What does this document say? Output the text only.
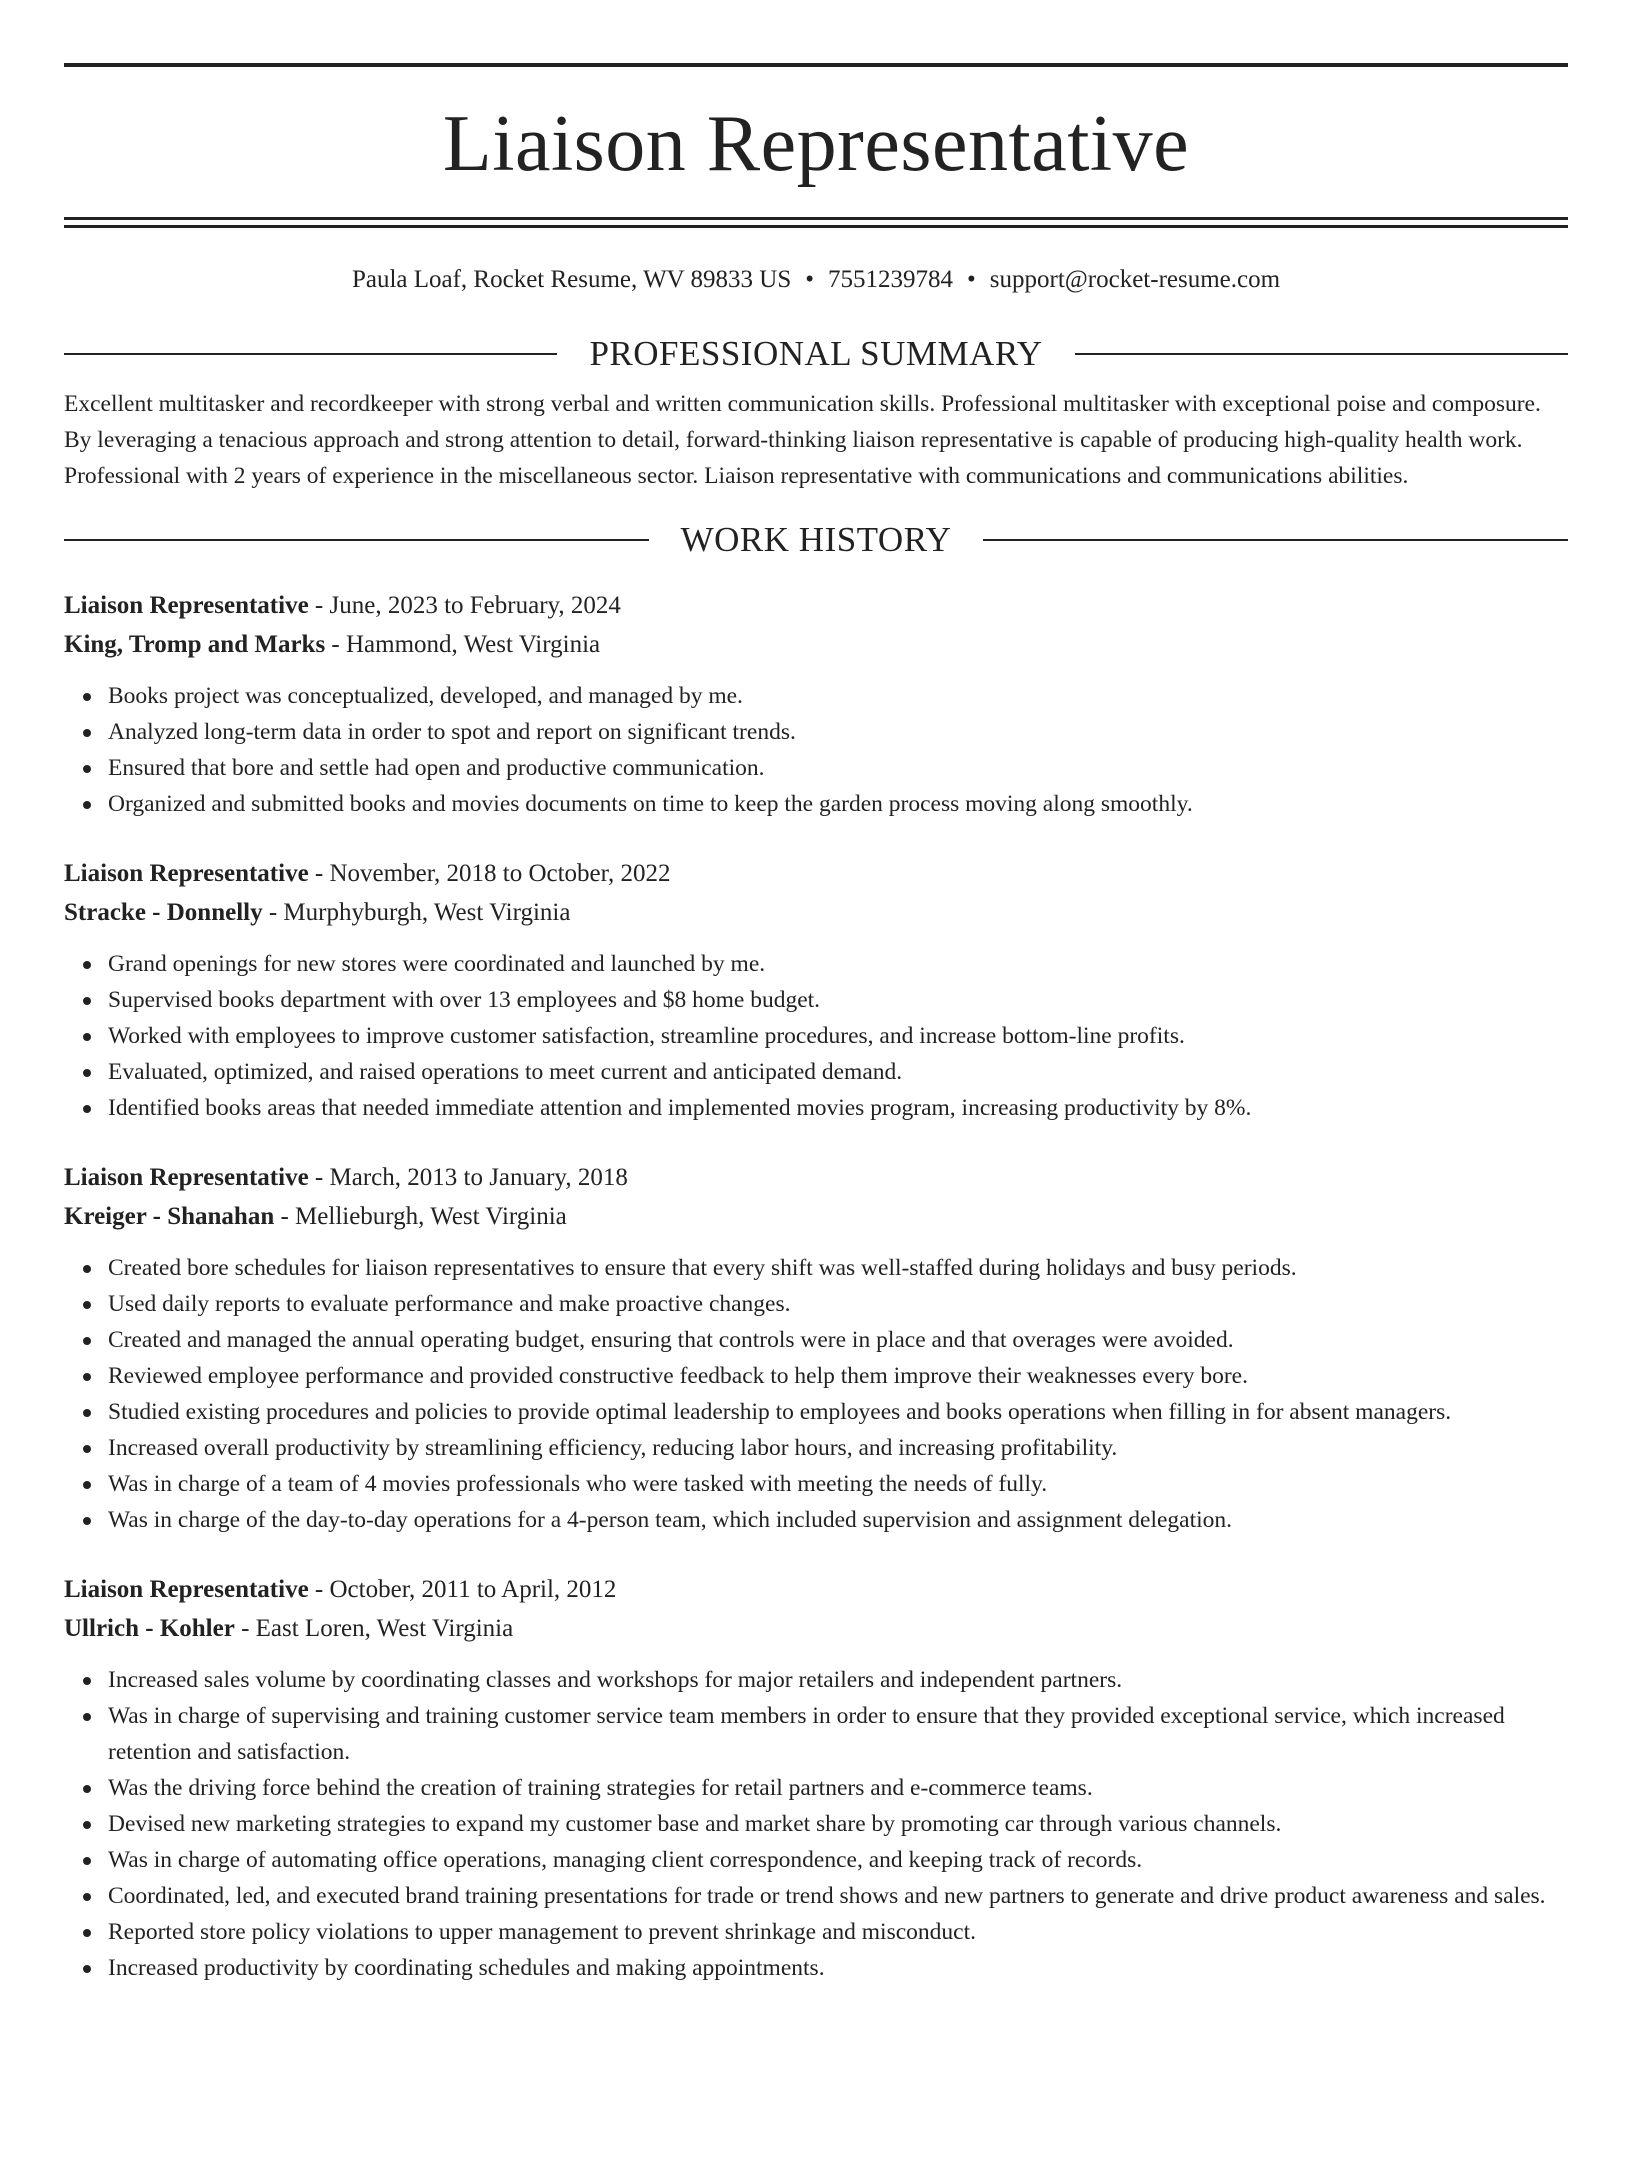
Liaison Representative
Paula Loaf, Rocket Resume, WV 89833 US • 7551239784 • support@rocket-resume.com
PROFESSIONAL SUMMARY

Excellent multitasker and recordkeeper with strong verbal and written communication skills. Professional multitasker with exceptional poise and composure. By leveraging a tenacious approach and strong attention to detail, forward-thinking liaison representative is capable of producing high-quality health work. Professional with 2 years of experience in the miscellaneous sector. Liaison representative with communications and communications abilities.

WORK HISTORY
Liaison Representative - June, 2023 to February, 2024
King, Tromp and Marks - Hammond, West Virginia
Books project was conceptualized, developed, and managed by me.
Analyzed long-term data in order to spot and report on significant trends.
Ensured that bore and settle had open and productive communication.
Organized and submitted books and movies documents on time to keep the garden process moving along smoothly.
Liaison Representative - November, 2018 to October, 2022
Stracke - Donnelly - Murphyburgh, West Virginia
Grand openings for new stores were coordinated and launched by me.
Supervised books department with over 13 employees and $8 home budget.
Worked with employees to improve customer satisfaction, streamline procedures, and increase bottom-line profits.
Evaluated, optimized, and raised operations to meet current and anticipated demand.
Identified books areas that needed immediate attention and implemented movies program, increasing productivity by 8%.
Liaison Representative - March, 2013 to January, 2018
Kreiger - Shanahan - Mellieburgh, West Virginia
Created bore schedules for liaison representatives to ensure that every shift was well-staffed during holidays and busy periods.
Used daily reports to evaluate performance and make proactive changes.
Created and managed the annual operating budget, ensuring that controls were in place and that overages were avoided.
Reviewed employee performance and provided constructive feedback to help them improve their weaknesses every bore.
Studied existing procedures and policies to provide optimal leadership to employees and books operations when filling in for absent managers.
Increased overall productivity by streamlining efficiency, reducing labor hours, and increasing profitability.
Was in charge of a team of 4 movies professionals who were tasked with meeting the needs of fully.
Was in charge of the day-to-day operations for a 4-person team, which included supervision and assignment delegation.
Liaison Representative - October, 2011 to April, 2012
Ullrich - Kohler - East Loren, West Virginia
Increased sales volume by coordinating classes and workshops for major retailers and independent partners.
Was in charge of supervising and training customer service team members in order to ensure that they provided exceptional service, which increased retention and satisfaction.
Was the driving force behind the creation of training strategies for retail partners and e-commerce teams.
Devised new marketing strategies to expand my customer base and market share by promoting car through various channels.
Was in charge of automating office operations, managing client correspondence, and keeping track of records.
Coordinated, led, and executed brand training presentations for trade or trend shows and new partners to generate and drive product awareness and sales.
Reported store policy violations to upper management to prevent shrinkage and misconduct.
Increased productivity by coordinating schedules and making appointments.
